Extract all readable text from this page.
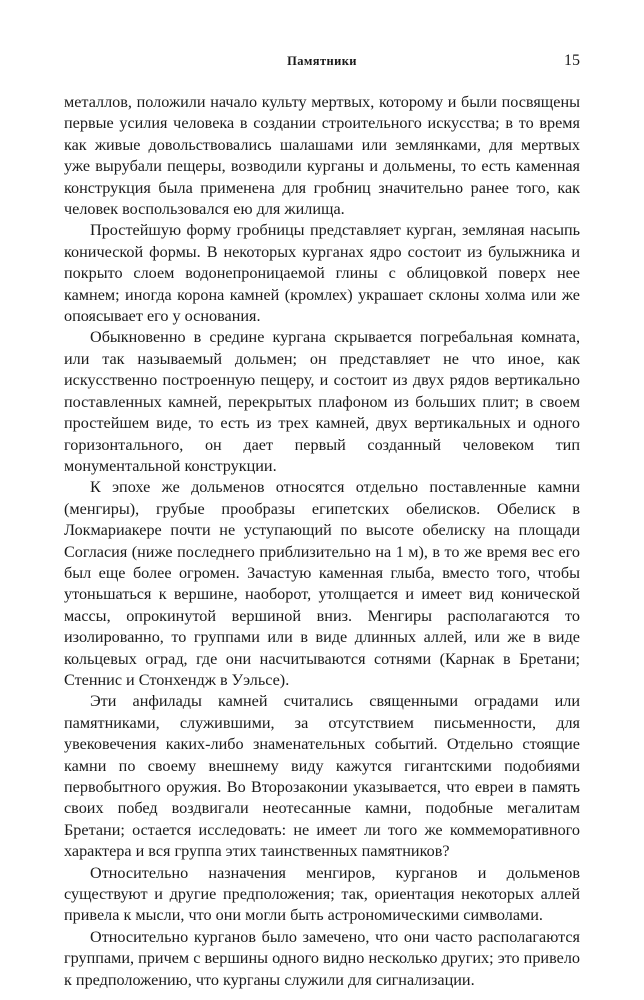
Памятники	15

металлов, положили начало культу мертвых, которому и были посвящены первые усилия человека в создании строительного искусства; в то время как живые довольствовались шалашами или землянками, для мертвых уже вырубали пещеры, возводили курганы и дольмены, то есть каменная конструкция была применена для гробниц значительно ранее того, как человек воспользовался ею для жилища.

Простейшую форму гробницы представляет курган, земляная насыпь конической формы. В некоторых курганах ядро состоит из булыжника и покрыто слоем водонепроницаемой глины с облицовкой поверх нее камнем; иногда корона камней (кромлех) украшает склоны холма или же опоясывает его у основания.

Обыкновенно в средине кургана скрывается погребальная комната, или так называемый дольмен; он представляет не что иное, как искусственно построенную пещеру, и состоит из двух рядов вертикально поставленных камней, перекрытых плафоном из больших плит; в своем простейшем виде, то есть из трех камней, двух вертикальных и одного горизонтального, он дает первый созданный человеком тип монументальной конструкции.

К эпохе же дольменов относятся отдельно поставленные камни (менгиры), грубые прообразы египетских обелисков. Обелиск в Локмариакере почти не уступающий по высоте обелиску на площади Согласия (ниже последнего приблизительно на 1 м), в то же время вес его был еще более огромен. Зачастую каменная глыба, вместо того, чтобы утоньшаться к вершине, наоборот, утолщается и имеет вид конической массы, опрокинутой вершиной вниз. Менгиры располагаются то изолированно, то группами или в виде длинных аллей, или же в виде кольцевых оград, где они насчитываются сотнями (Карнак в Бретани; Стеннис и Стонхендж в Уэльсе).

Эти анфилады камней считались священными оградами или памятниками, служившими, за отсутствием письменности, для увековечения каких-либо знаменательных событий. Отдельно стоящие камни по своему внешнему виду кажутся гигантскими подобиями первобытного оружия. Во Второзаконии указывается, что евреи в память своих побед воздвигали неотесанные камни, подобные мегалитам Бретани; остается исследовать: не имеет ли того же коммеморативного характера и вся группа этих таинственных памятников?

Относительно назначения менгиров, курганов и дольменов существуют и другие предположения; так, ориентация некоторых аллей привела к мысли, что они могли быть астрономическими символами.

Относительно курганов было замечено, что они часто располагаются группами, причем с вершины одного видно несколько других; это привело к предположению, что курганы служили для сигнализации.
